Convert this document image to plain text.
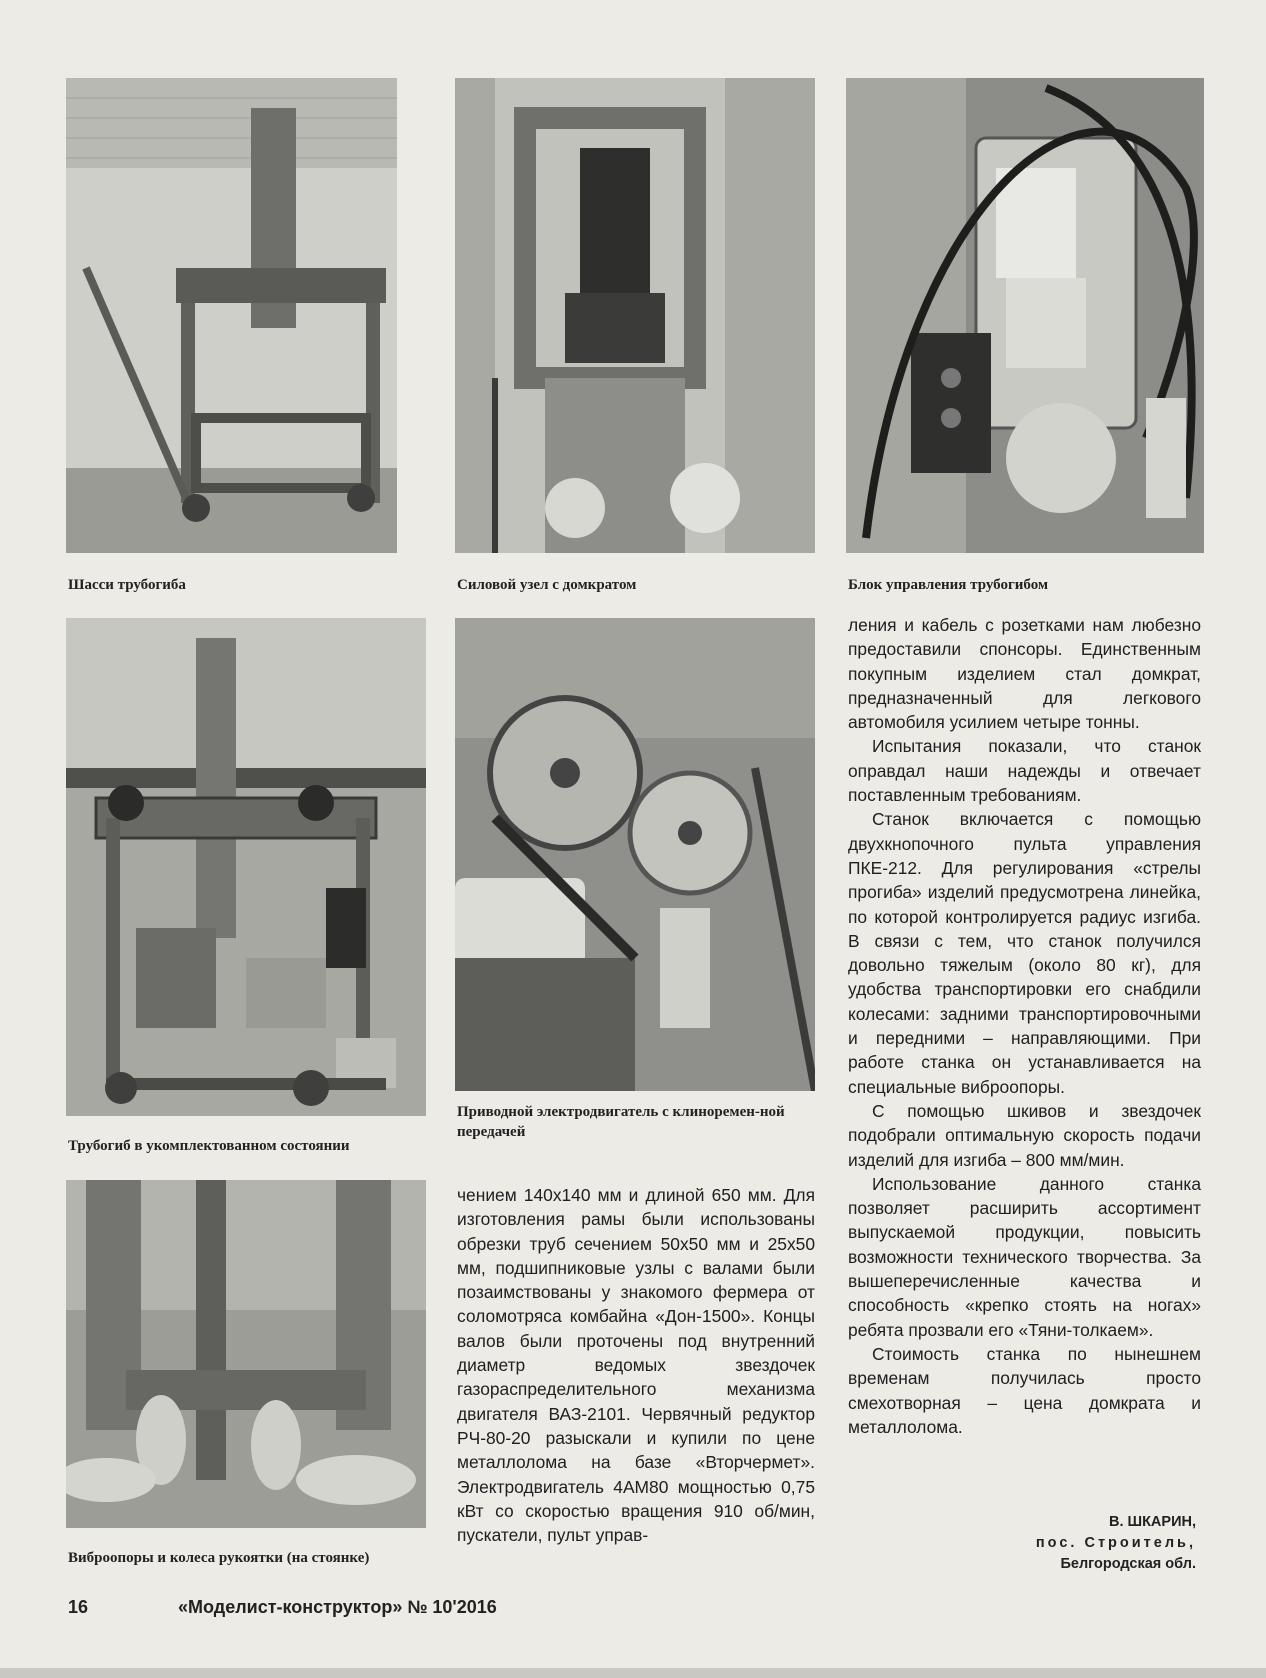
Шасси трубогиба	Силовой узел с домкратом	Блок управления трубогибом
Трубогиб в укомплектованном состоянии
Приводной электродвигатель с клиноремен-ной передачей
Виброопоры и колеса рукоятки (на стоянке)

чением 140x140 мм и длиной 650 мм. Для изготовления рамы были использованы обрезки труб сечением 50x50 мм и 25x50 мм, подшипниковые узлы с валами были позаимствованы у знакомого фермера от соломотряса комбайна «Дон-1500». Концы валов были проточены под внутренний диаметр ведомых звездочек газораспределительного механизма двигателя ВАЗ-2101. Червячный редуктор РЧ-80-20 разыскали и купили по цене металлолома на базе «Вторчермет». Электродвигатель 4АМ80 мощностью 0,75 кВт со скоростью вращения 910 об/мин, пускатели, пульт управ-

ления и кабель с розетками нам любезно предоставили спонсоры. Единственным покупным изделием стал домкрат, предназначенный для легкового автомобиля усилием четыре тонны.

Испытания показали, что станок оправдал наши надежды и отвечает поставленным требованиям.

Станок включается с помощью двухкнопочного пульта управления ПКЕ-212. Для регулирования «стрелы прогиба» изделий предусмотрена линейка, по которой контролируется радиус изгиба. В связи с тем, что станок получился довольно тяжелым (около 80 кг), для удобства транспортировки его снабдили колесами: задними транспортировочными и передними – направляющими. При работе станка он устанавливается на специальные виброопоры.

С помощью шкивов и звездочек подобрали оптимальную скорость подачи изделий для изгиба – 800 мм/мин.

Использование данного станка позволяет расширить ассортимент выпускаемой продукции, повысить возможности технического творчества. За вышеперечисленные качества и способность «крепко стоять на ногах» ребята прозвали его «Тяни-толкаем».

Стоимость станка по нынешнем временам получилась просто смехотворная – цена домкрата и металлолома.

В. ШКАРИН,
пос. Строитель,
Белгородская обл.
16	«Моделист-конструктор» № 10'2016
